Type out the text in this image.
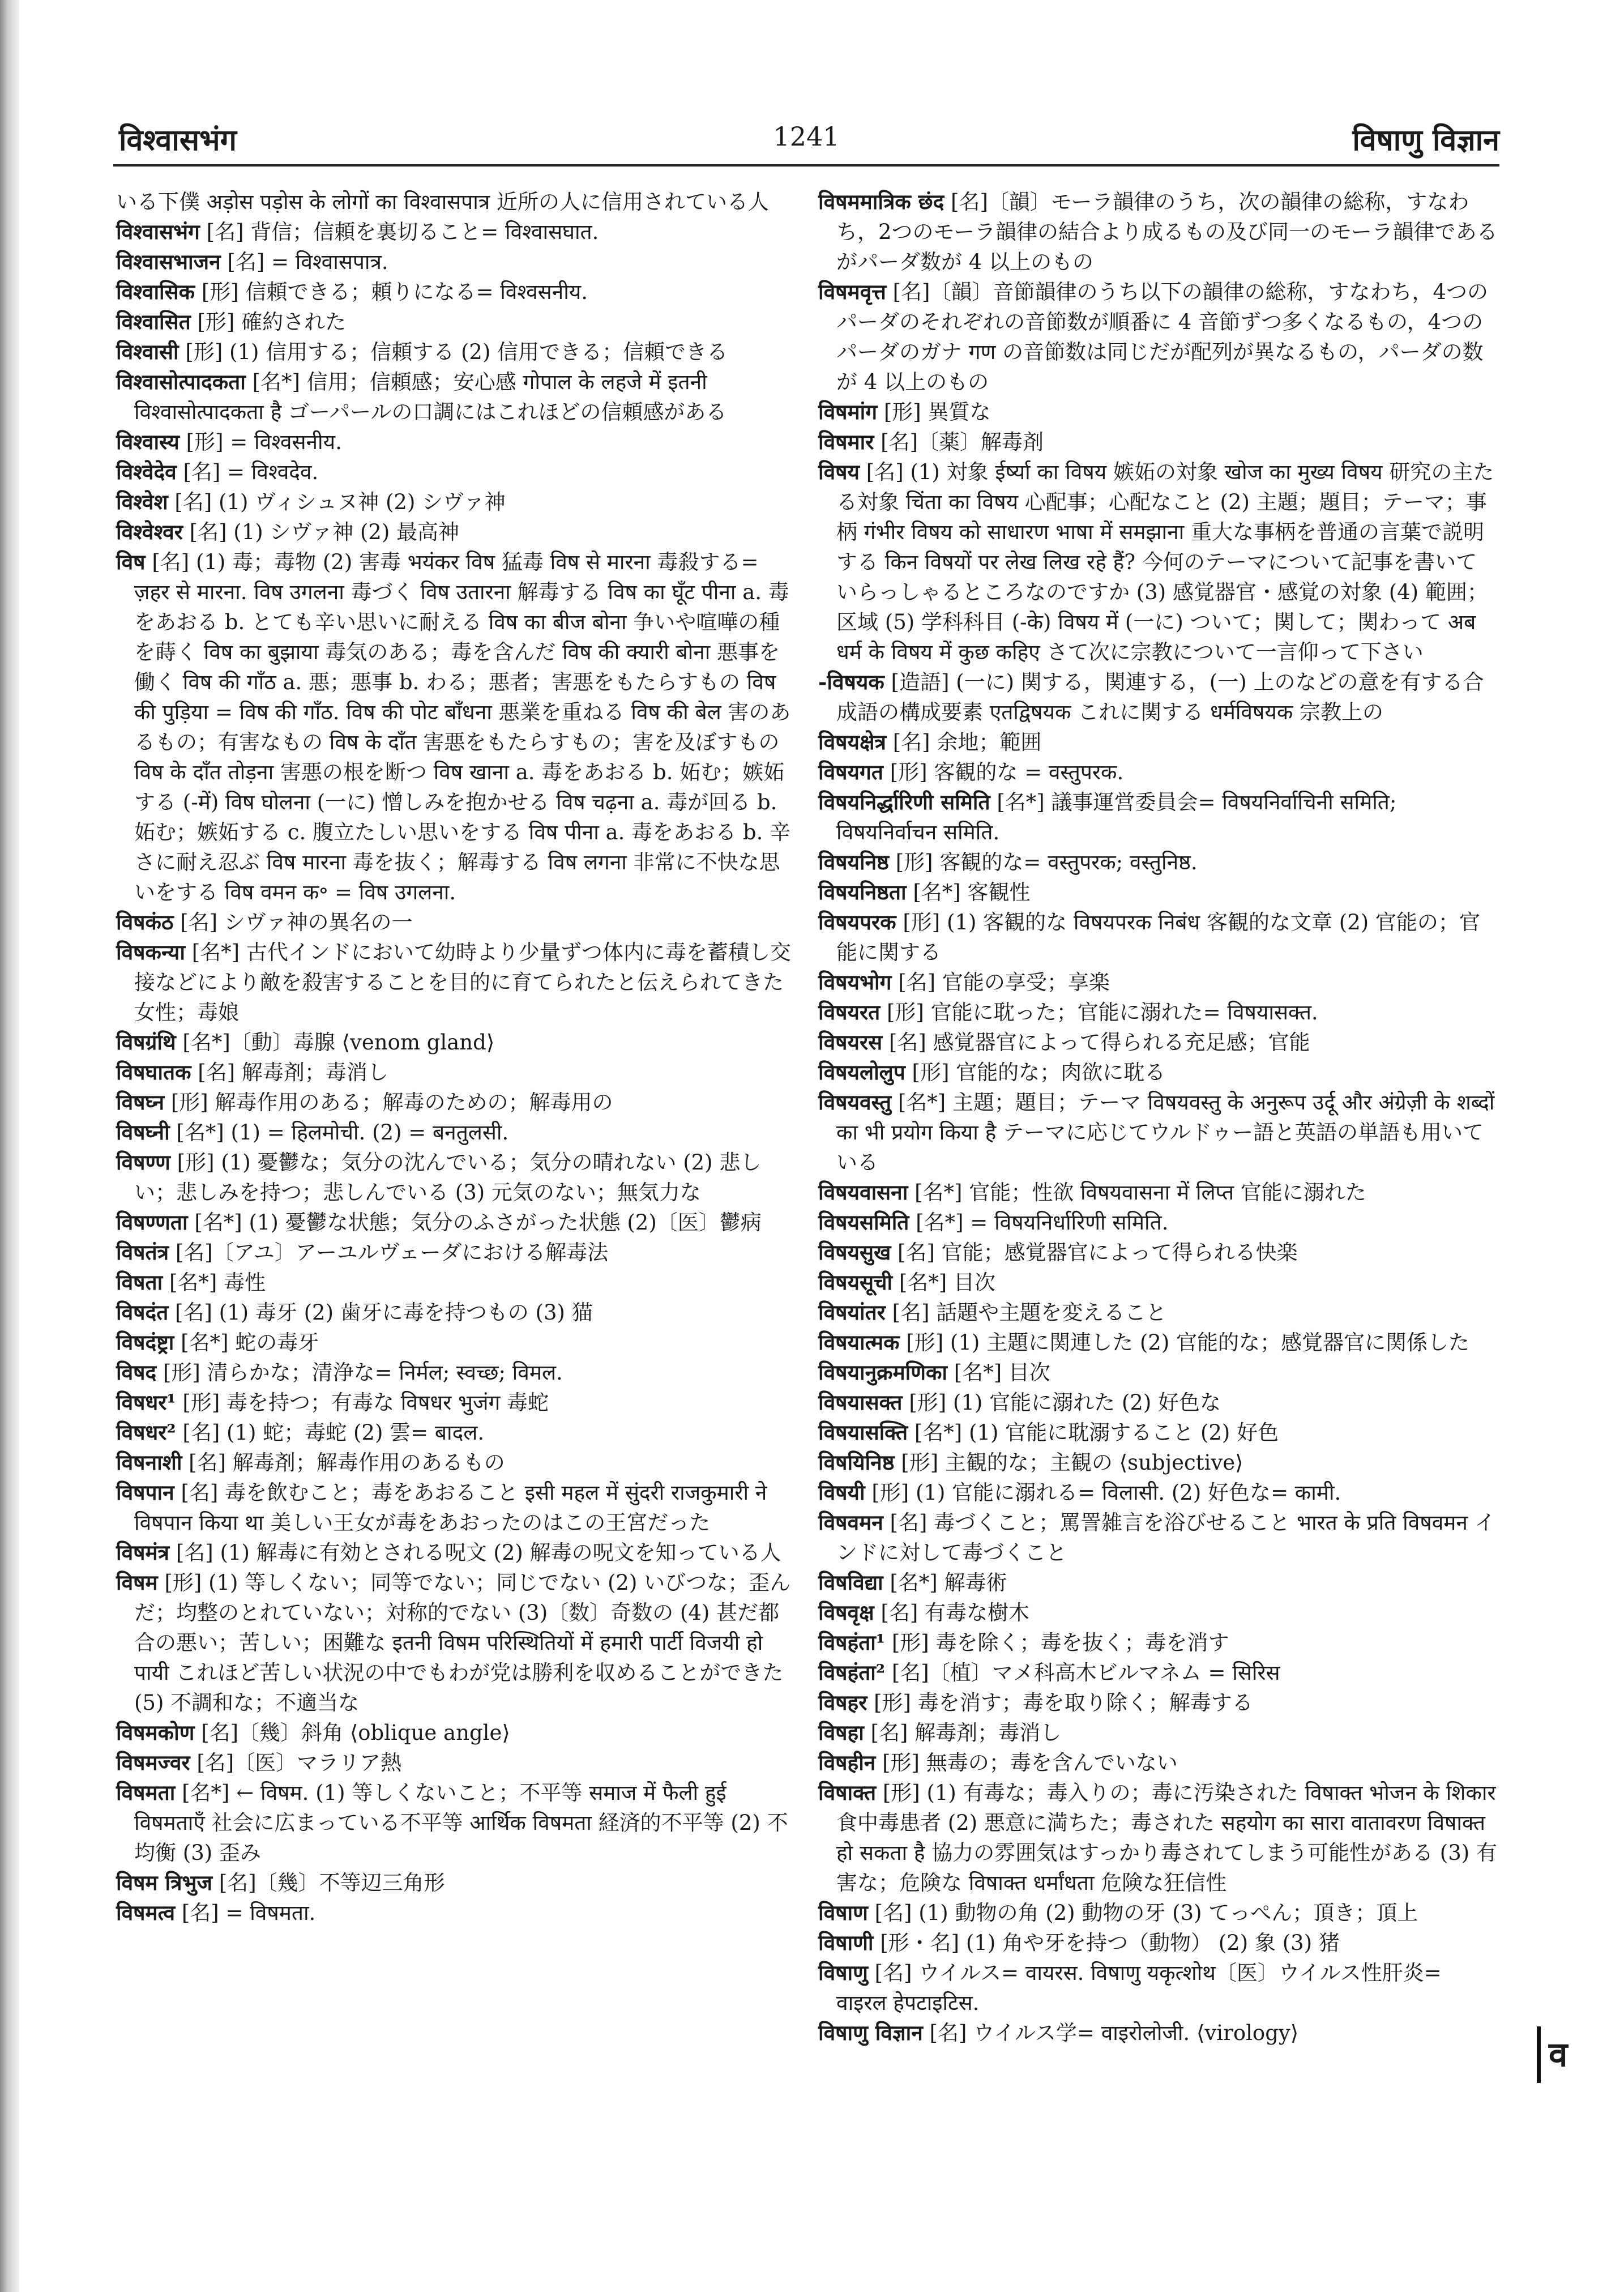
विश्वासभंग	1241	विषाणु विज्ञान

いる下僕 अड़ोस पड़ोस के लोगों का विश्वासपात्र 近所の人に信用されている人

विश्वासभंग [名] 背信；信頼を裏切ること= विश्वासघात.

विश्वासभाजन [名] = विश्वासपात्र.

विश्वासिक [形] 信頼できる；頼りになる= विश्वसनीय.

विश्वासित [形] 確約された

विश्वासी [形] (1) 信用する；信頼する (2) 信用できる；信頼できる

विश्वासोत्पादकता [名*] 信用；信頼感；安心感 गोपाल के लहजे में इतनी विश्वासोत्पादकता है ゴーパールの口調にはこれほどの信頼感がある

विश्वास्य [形] = विश्वसनीय.

विश्वेदेव [名] = विश्वदेव.

विश्वेश [名] (1) ヴィシュヌ神 (2) シヴァ神

विश्वेश्वर [名] (1) シヴァ神 (2) 最高神

विष [名] (1) 毒；毒物 (2) 害毒 भयंकर विष 猛毒 विष से मारना 毒殺する= ज़हर से मारना. विष उगलना 毒づく विष उतारना 解毒する विष का घूँट पीना a. 毒をあおる b. とても辛い思いに耐える विष का बीज बोना 争いや喧嘩の種を蒔く विष का बुझाया 毒気のある；毒を含んだ विष की क्यारी बोना 悪事を働く विष की गाँठ a. 悪；悪事 b. わる；悪者；害悪をもたらすもの विष की पुड़िया = विष की गाँठ. विष की पोट बाँधना 悪業を重ねる विष की बेल 害のあるもの；有害なもの विष के दाँत 害悪をもたらすもの；害を及ぼすもの विष के दाँत तोड़ना 害悪の根を断つ विष खाना a. 毒をあおる b. 妬む；嫉妬する (-में) विष घोलना (一に) 憎しみを抱かせる विष चढ़ना a. 毒が回る b. 妬む；嫉妬する c. 腹立たしい思いをする विष पीना a. 毒をあおる b. 辛さに耐え忍ぶ विष मारना 毒を抜く；解毒する विष लगना 非常に不快な思いをする विष वमन क॰ = विष उगलना.

विषकंठ [名] シヴァ神の異名の一

विषकन्या [名*] 古代インドにおいて幼時より少量ずつ体内に毒を蓄積し交接などにより敵を殺害することを目的に育てられたと伝えられてきた女性；毒娘

विषग्रंथि [名*]〔動〕毒腺 ⟨venom gland⟩

विषघातक [名] 解毒剤；毒消し

विषघ्न [形] 解毒作用のある；解毒のための；解毒用の

विषघ्नी [名*] (1) = हिलमोची. (2) = बनतुलसी.

विषण्ण [形] (1) 憂鬱な；気分の沈んでいる；気分の晴れない (2) 悲しい；悲しみを持つ；悲しんでいる (3) 元気のない；無気力な

विषण्णता [名*] (1) 憂鬱な状態；気分のふさがった状態 (2)〔医〕鬱病

विषतंत्र [名]〔アユ〕アーユルヴェーダにおける解毒法

विषता [名*] 毒性

विषदंत [名] (1) 毒牙 (2) 歯牙に毒を持つもの (3) 猫

विषदंष्ट्रा [名*] 蛇の毒牙

विषद [形] 清らかな；清浄な= निर्मल; स्वच्छ; विमल.

विषधर¹ [形] 毒を持つ；有毒な विषधर भुजंग 毒蛇

विषधर² [名] (1) 蛇；毒蛇 (2) 雲= बादल.

विषनाशी [名] 解毒剤；解毒作用のあるもの

विषपान [名] 毒を飲むこと；毒をあおること इसी महल में सुंदरी राजकुमारी ने विषपान किया था 美しい王女が毒をあおったのはこの王宮だった

विषमंत्र [名] (1) 解毒に有効とされる呪文 (2) 解毒の呪文を知っている人

विषम [形] (1) 等しくない；同等でない；同じでない (2) いびつな；歪んだ；均整のとれていない；対称的でない (3)〔数〕奇数の (4) 甚だ都合の悪い；苦しい；困難な इतनी विषम परिस्थितियों में हमारी पार्टी विजयी हो पायी これほど苦しい状況の中でもわが党は勝利を収めることができた (5) 不調和な；不適当な

विषमकोण [名]〔幾〕斜角 ⟨oblique angle⟩

विषमज्वर [名]〔医〕マラリア熱

विषमता [名*] ← विषम. (1) 等しくないこと；不平等 समाज में फैली हुई विषमताएँ 社会に広まっている不平等 आर्थिक विषमता 経済的不平等 (2) 不均衡 (3) 歪み

विषम त्रिभुज [名]〔幾〕不等辺三角形

विषमत्व [名] = विषमता.

विषममात्रिक छंद [名]〔韻〕モーラ韻律のうち，次の韻律の総称，すなわち，2つのモーラ韻律の結合より成るもの及び同一のモーラ韻律であるがパーダ数が 4 以上のもの

विषमवृत्त [名]〔韻〕音節韻律のうち以下の韻律の総称，すなわち，4つのパーダのそれぞれの音節数が順番に 4 音節ずつ多くなるもの，4つのパーダのガナ गण の音節数は同じだが配列が異なるもの，パーダの数が 4 以上のもの

विषमांग [形] 異質な

विषमार [名]〔薬〕解毒剤

विषय [名] (1) 対象 ईर्ष्या का विषय 嫉妬の対象 खोज का मुख्य विषय 研究の主たる対象 चिंता का विषय 心配事；心配なこと (2) 主題；題目；テーマ；事柄 गंभीर विषय को साधारण भाषा में समझाना 重大な事柄を普通の言葉で説明する किन विषयों पर लेख लिख रहे हैं? 今何のテーマについて記事を書いていらっしゃるところなのですか (3) 感覚器官・感覚の対象 (4) 範囲；区域 (5) 学科科目 (-के) विषय में (一に) ついて；関して；関わって अब धर्म के विषय में कुछ कहिए さて次に宗教について一言仰って下さい

-विषयक [造語] (一に) 関する，関連する，(一) 上のなどの意を有する合成語の構成要素 एतद्विषयक これに関する धर्मविषयक 宗教上の

विषयक्षेत्र [名] 余地；範囲

विषयगत [形] 客観的な = वस्तुपरक.

विषयनिर्द्धारिणी समिति [名*] 議事運営委員会= विषयनिर्वाचिनी समिति; विषयनिर्वाचन समिति.

विषयनिष्ठ [形] 客観的な= वस्तुपरक; वस्तुनिष्ठ.

विषयनिष्ठता [名*] 客観性

विषयपरक [形] (1) 客観的な विषयपरक निबंध 客観的な文章 (2) 官能の；官能に関する

विषयभोग [名] 官能の享受；享楽

विषयरत [形] 官能に耽った；官能に溺れた= विषयासक्त.

विषयरस [名] 感覚器官によって得られる充足感；官能

विषयलोलुप [形] 官能的な；肉欲に耽る

विषयवस्तु [名*] 主題；題目；テーマ विषयवस्तु के अनुरूप उर्दू और अंग्रेज़ी के शब्दों का भी प्रयोग किया है テーマに応じてウルドゥー語と英語の単語も用いている

विषयवासना [名*] 官能；性欲 विषयवासना में लिप्त 官能に溺れた

विषयसमिति [名*] = विषयनिर्धारिणी समिति.

विषयसुख [名] 官能；感覚器官によって得られる快楽

विषयसूची [名*] 目次

विषयांतर [名] 話題や主題を変えること

विषयात्मक [形] (1) 主題に関連した (2) 官能的な；感覚器官に関係した

विषयानुक्रमणिका [名*] 目次

विषयासक्त [形] (1) 官能に溺れた (2) 好色な

विषयासक्ति [名*] (1) 官能に耽溺すること (2) 好色

विषयिनिष्ठ [形] 主観的な；主観の ⟨subjective⟩

विषयी [形] (1) 官能に溺れる= विलासी. (2) 好色な= कामी.

विषवमन [名] 毒づくこと；罵詈雑言を浴びせること भारत के प्रति विषवमन インドに対して毒づくこと

विषविद्या [名*] 解毒術

विषवृक्ष [名] 有毒な樹木

विषहंता¹ [形] 毒を除く；毒を抜く；毒を消す

विषहंता² [名]〔植〕マメ科高木ビルマネム = सिरिस

विषहर [形] 毒を消す；毒を取り除く；解毒する

विषहा [名] 解毒剤；毒消し

विषहीन [形] 無毒の；毒を含んでいない

विषाक्त [形] (1) 有毒な；毒入りの；毒に汚染された विषाक्त भोजन के शिकार 食中毒患者 (2) 悪意に満ちた；毒された सहयोग का सारा वातावरण विषाक्त हो सकता है 協力の雰囲気はすっかり毒されてしまう可能性がある (3) 有害な；危険な विषाक्त धर्मांधता 危険な狂信性

विषाण [名] (1) 動物の角 (2) 動物の牙 (3) てっぺん；頂き；頂上

विषाणी [形・名] (1) 角や牙を持つ（動物） (2) 象 (3) 猪

विषाणु [名] ウイルス= वायरस. विषाणु यकृत्शोथ〔医〕ウイルス性肝炎= वाइरल हेपटाइटिस.

विषाणु विज्ञान [名] ウイルス学= वाइरोलोजी. ⟨virology⟩

व
